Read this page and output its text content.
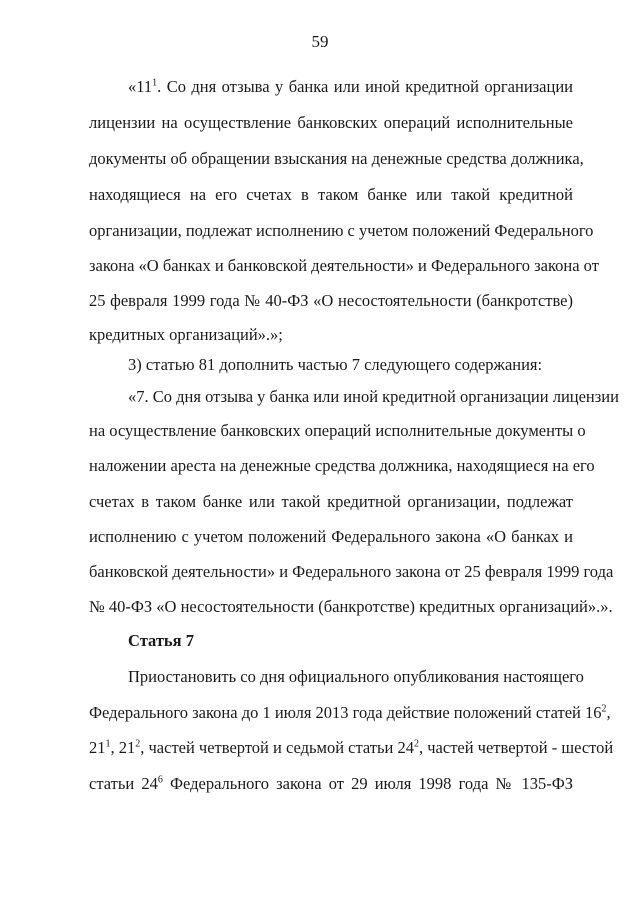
59
«$11^1$. Со дня отзыва у банка или иной кредитной организации
лицензии на осуществление банковских операций исполнительные
документы об обращении взыскания на денежные средства должника,
находящиеся на его счетах в таком банке или такой кредитной
организации, подлежат исполнению с учетом положений Федерального
закона «О банках и банковской деятельности» и Федерального закона от
25 февраля 1999 года № 40-ФЗ «О несостоятельности (банкротстве)
кредитных организаций».»;
3) статью 81 дополнить частью 7 следующего содержания:
«7. Со дня отзыва у банка или иной кредитной организации лицензии
на осуществление банковских операций исполнительные документы о
наложении ареста на денежные средства должника, находящиеся на его
счетах в таком банке или такой кредитной организации, подлежат
исполнению с учетом положений Федерального закона «О банках и
банковской деятельности» и Федерального закона от 25 февраля 1999 года
№ 40-ФЗ «О несостоятельности (банкротстве) кредитных организаций».».
Статья 7
Приостановить со дня официального опубликования настоящего
Федерального закона до 1 июля 2013 года действие положений статей $16^2$,
$21^1$, $21^2$, частей четвертой и седьмой статьи $24^2$, частей четвертой - шестой
статьи $24^6$ Федерального закона от 29 июля 1998 года № 135-ФЗ
